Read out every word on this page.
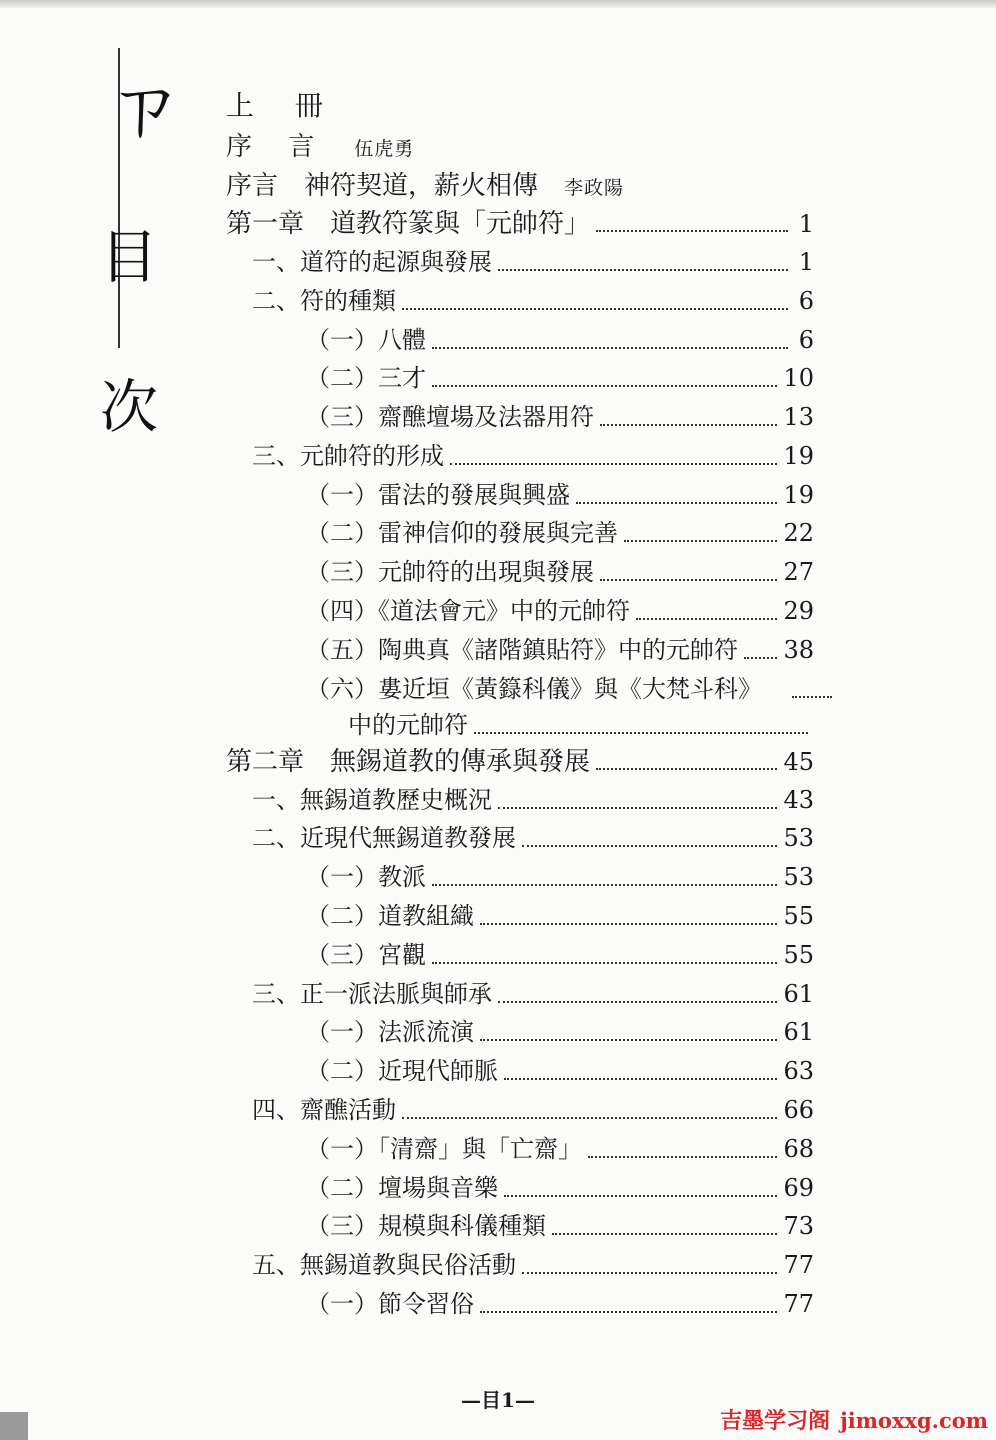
ㄗ
目
次
上 冊
序 言 伍虎勇
序言　神符契道，薪火相傳 李政陽
第一章　道教符篆與「元帥符」	1
一、道符的起源與發展	1
二、符的種類	6
（一）八體	6
（二）三才	10
（三）齋醮壇場及法器用符	13
三、元帥符的形成	19
（一）雷法的發展與興盛	19
（二）雷神信仰的發展與完善	22
（三）元帥符的出現與發展	27
（四）《道法會元》中的元帥符	29
（五）陶典真《諸階鎮貼符》中的元帥符 38
（六）婁近垣《黃籙科儀》與《大梵斗科》
中的元帥符
第二章　無錫道教的傳承與發展	45
一、無錫道教歷史概況	43
二、近現代無錫道教發展	53
（一）教派	53
（二）道教組織	55
（三）宮觀	55
三、正一派法脈與師承	61
（一）法派流演	61
（二）近現代師脈	63
四、齋醮活動	66
（一）「清齋」與「亡齋」	68
（二）壇場與音樂	69
（三）規模與科儀種類	73
五、無錫道教與民俗活動	77
（一）節令習俗	77
—目1—
吉墨学习阁 jimoxxg.com
